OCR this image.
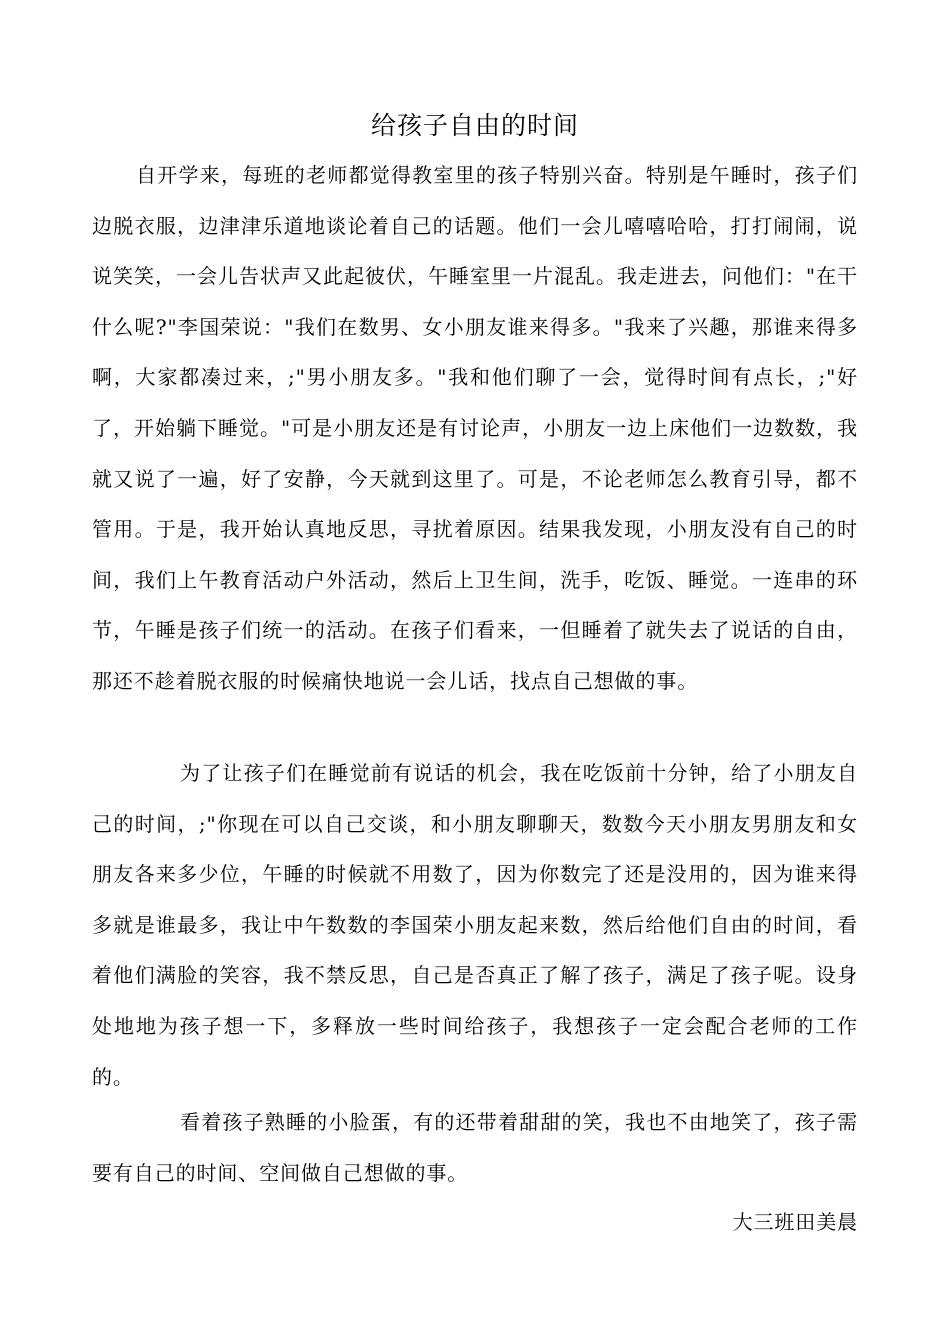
给孩子自由的时间

自开学来，每班的老师都觉得教室里的孩子特别兴奋。特别是午睡时，孩子们边脱衣服，边津津乐道地谈论着自己的话题。他们一会儿嘻嘻哈哈，打打闹闹，说说笑笑，一会儿告状声又此起彼伏，午睡室里一片混乱。我走进去，问他们："在干什么呢?"李国荣说："我们在数男、女小朋友谁来得多。"我来了兴趣，那谁来得多啊，大家都凑过来，;"男小朋友多。"我和他们聊了一会，觉得时间有点长，;"好了，开始躺下睡觉。"可是小朋友还是有讨论声，小朋友一边上床他们一边数数，我就又说了一遍，好了安静，今天就到这里了。可是，不论老师怎么教育引导，都不管用。于是，我开始认真地反思，寻扰着原因。结果我发现，小朋友没有自己的时间，我们上午教育活动户外活动，然后上卫生间，洗手，吃饭、睡觉。一连串的环节，午睡是孩子们统一的活动。在孩子们看来，一但睡着了就失去了说话的自由，那还不趁着脱衣服的时候痛快地说一会儿话，找点自己想做的事。

为了让孩子们在睡觉前有说话的机会，我在吃饭前十分钟，给了小朋友自己的时间，;"你现在可以自己交谈，和小朋友聊聊天，数数今天小朋友男朋友和女朋友各来多少位，午睡的时候就不用数了，因为你数完了还是没用的，因为谁来得多就是谁最多，我让中午数数的李国荣小朋友起来数，然后给他们自由的时间，看着他们满脸的笑容，我不禁反思，自己是否真正了解了孩子，满足了孩子呢。设身处地地为孩子想一下，多释放一些时间给孩子，我想孩子一定会配合老师的工作的。

看着孩子熟睡的小脸蛋，有的还带着甜甜的笑，我也不由地笑了，孩子需要有自己的时间、空间做自己想做的事。

大三班田美晨
